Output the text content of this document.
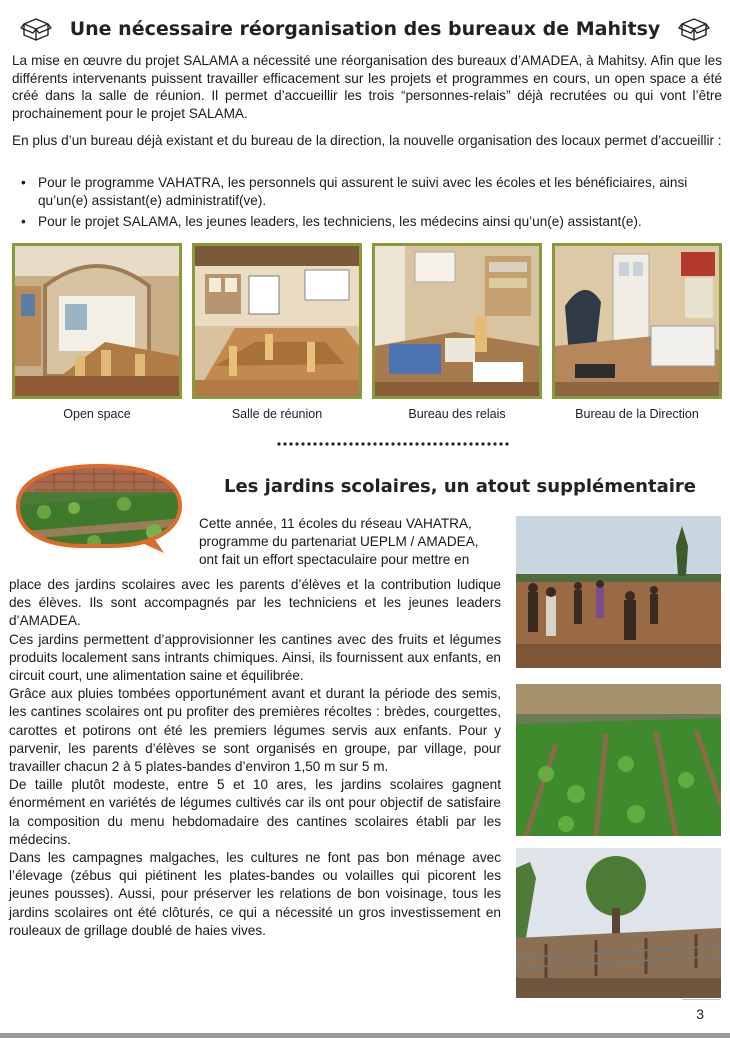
Une nécessaire réorganisation des bureaux de Mahitsy
La mise en œuvre du projet SALAMA a nécessité une réorganisation des bureaux d’AMADEA, à Mahitsy. Afin que les différents intervenants puissent travailler efficacement sur les projets et programmes en cours, un open space a été créé dans la salle de réunion. Il permet d’accueillir les trois “personnes-relais” déjà recrutées ou qui vont l’être prochainement pour le projet SALAMA.
En plus d’un bureau déjà existant et du bureau de la direction, la nouvelle organisation des locaux permet d’accueillir :
• Pour le programme VAHATRA, les personnels qui assurent le suivi avec les écoles et les bénéficiaires, ainsi qu’un(e) assistant(e) administratif(ve).
• Pour le projet SALAMA, les jeunes leaders, les techniciens, les médecins ainsi qu’un(e) assistant(e).
Open space	Salle de réunion	Bureau des relais	Bureau de la Direction
Les jardins scolaires, un atout supplémentaire
Cette année, 11 écoles du réseau VAHATRA,
programme du partenariat UEPLM / AMADEA,
ont fait un effort spectaculaire pour mettre en
place des jardins scolaires avec les parents d’élèves et la contribution ludique des élèves. Ils sont accompagnés par les techniciens et les jeunes leaders d’AMADEA.
Ces jardins permettent d’approvisionner les cantines avec des fruits et légumes produits localement sans intrants chimiques. Ainsi, ils fournissent aux enfants, en circuit court, une alimentation saine et équilibrée.
Grâce aux pluies tombées opportunément avant et durant la période des semis, les cantines scolaires ont pu profiter des premières récoltes : brèdes, courgettes, carottes et potirons ont été les premiers légumes servis aux enfants. Pour y parvenir, les parents d’élèves se sont organisés en groupe, par village, pour travailler chacun 2 à 5 plates-bandes d’environ 1,50 m sur 5 m.
De taille plutôt modeste, entre 5 et 10 ares, les jardins scolaires gagnent énormément en variétés de légumes cultivés car ils ont pour objectif de satisfaire la composition du menu hebdomadaire des cantines scolaires établi par les médecins.
Dans les campagnes malgaches, les cultures ne font pas bon ménage avec l’élevage (zébus qui piétinent les plates-bandes ou volailles qui picorent les jeunes pousses). Aussi, pour préserver les relations de bon voisinage, tous les jardins scolaires ont été clôturés, ce qui a nécessité un gros investissement en rouleaux de grillage doublé de haies vives.
3
